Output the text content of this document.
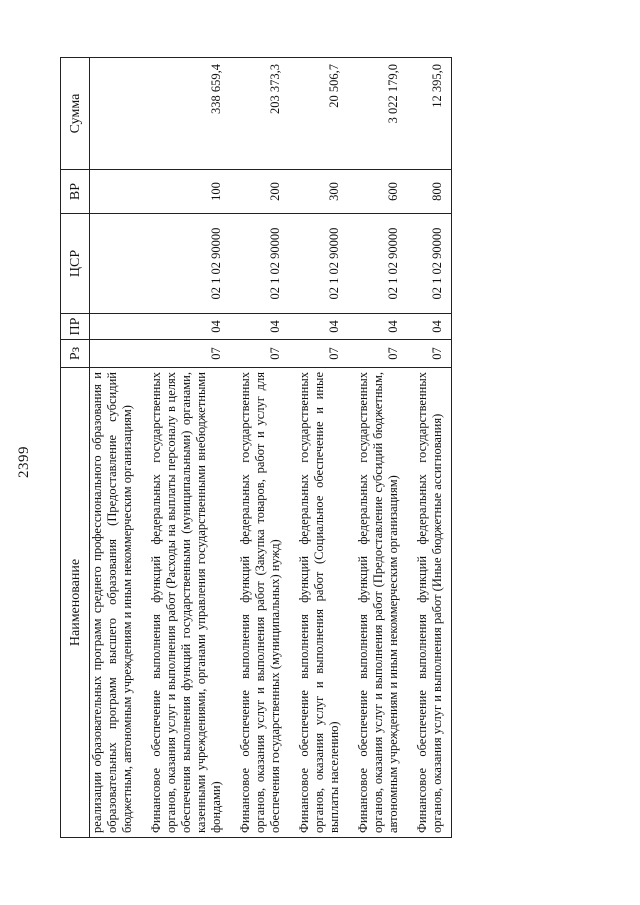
2399
Наименование	Рз	ПР	ЦСР	ВР	Сумма
реализации образовательных программ среднего профессионального образования и образовательных программ высшего образования (Предоставление субсидий бюджетным, автономным учреждениям и иным некоммерческим организациям)					
Финансовое обеспечение выполнения функций федеральных государственных органов, оказания услуг и выполнения работ (Расходы на выплаты персоналу в целях обеспечения выполнения функций государственными (муниципальными) органами, казенными учреждениями, органами управления государственными внебюджетными фондами)	07	04	02 1 02 90000	100	338 659,4
Финансовое обеспечение выполнения функций федеральных государственных органов, оказания услуг и выполнения работ (Закупка товаров, работ и услуг для обеспечения государственных (муниципальных) нужд)	07	04	02 1 02 90000	200	203 373,3
Финансовое обеспечение выполнения функций федеральных государственных органов, оказания услуг и выполнения работ (Социальное обеспечение и иные выплаты населению)	07	04	02 1 02 90000	300	20 506,7
Финансовое обеспечение выполнения функций федеральных государственных органов, оказания услуг и выполнения работ (Предоставление субсидий бюджетным, автономным учреждениям и иным некоммерческим организациям)	07	04	02 1 02 90000	600	3 022 179,0
Финансовое обеспечение выполнения функций федеральных государственных органов, оказания услуг и выполнения работ (Иные бюджетные ассигнования)	07	04	02 1 02 90000	800	12 395,0
